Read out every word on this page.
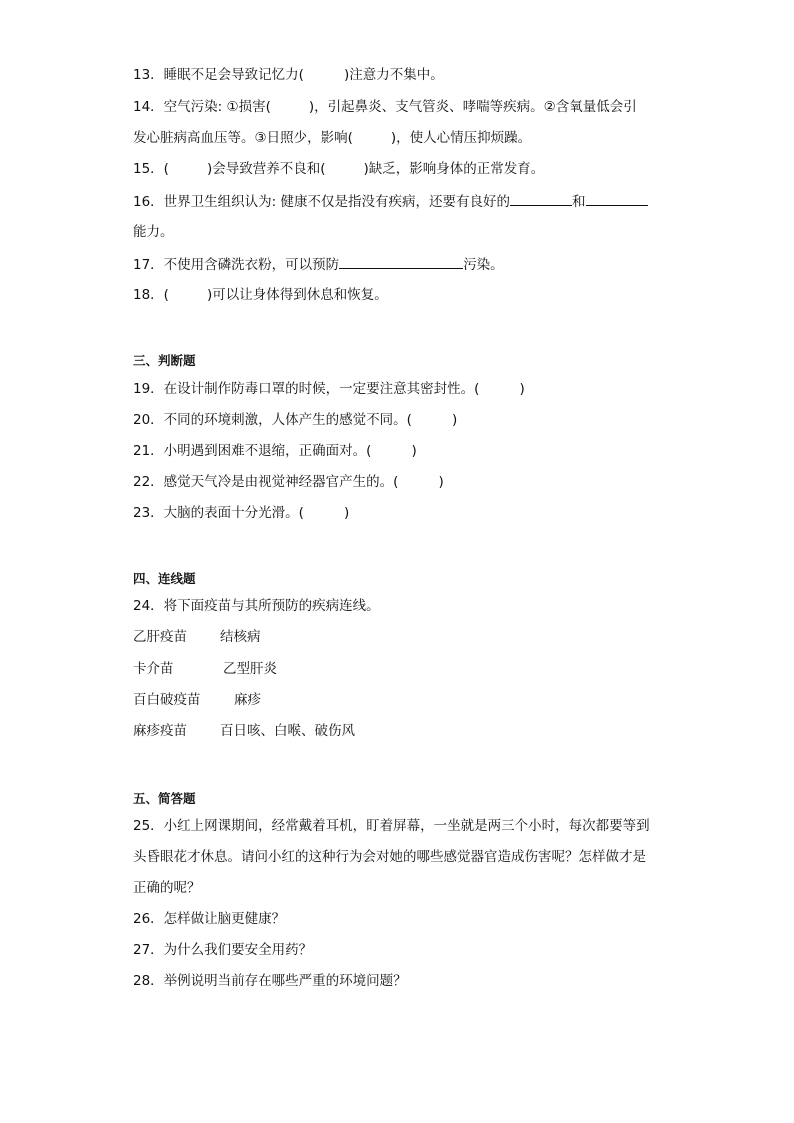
13．睡眠不足会导致记忆力(	)注意力不集中。
14．空气污染: ①损害(	)，引起鼻炎、支气管炎、哮喘等疾病。②含氧量低会引
发心脏病高血压等。③日照少，影响(	)，使人心情压抑烦躁。
15．(	)会导致营养不良和(	)缺乏，影响身体的正常发育。
16．世界卫生组织认为: 健康不仅是指没有疾病，还要有良好的	和
能力。
17．不使用含磷洗衣粉，可以预防	污染。
18．(	)可以让身体得到休息和恢复。
三、判断题
19．在设计制作防毒口罩的时候，一定要注意其密封性。(	)
20．不同的环境刺激，人体产生的感觉不同。(	)
21．小明遇到困难不退缩，正确面对。(	)
22．感觉天气冷是由视觉神经器官产生的。(	)
23．大脑的表面十分光滑。(	)
四、连线题
24．将下面疫苗与其所预防的疾病连线。
乙肝疫苗 结核病
卡介苗	乙型肝炎
百白破疫苗 麻疹
麻疹疫苗 百日咳、白喉、破伤风
五、简答题
25．小红上网课期间，经常戴着耳机，盯着屏幕，一坐就是两三个小时，每次都要等到
头昏眼花才休息。请问小红的这种行为会对她的哪些感觉器官造成伤害呢？怎样做才是
正确的呢？
26．怎样做让脑更健康？
27．为什么我们要安全用药？
28．举例说明当前存在哪些严重的环境问题？
